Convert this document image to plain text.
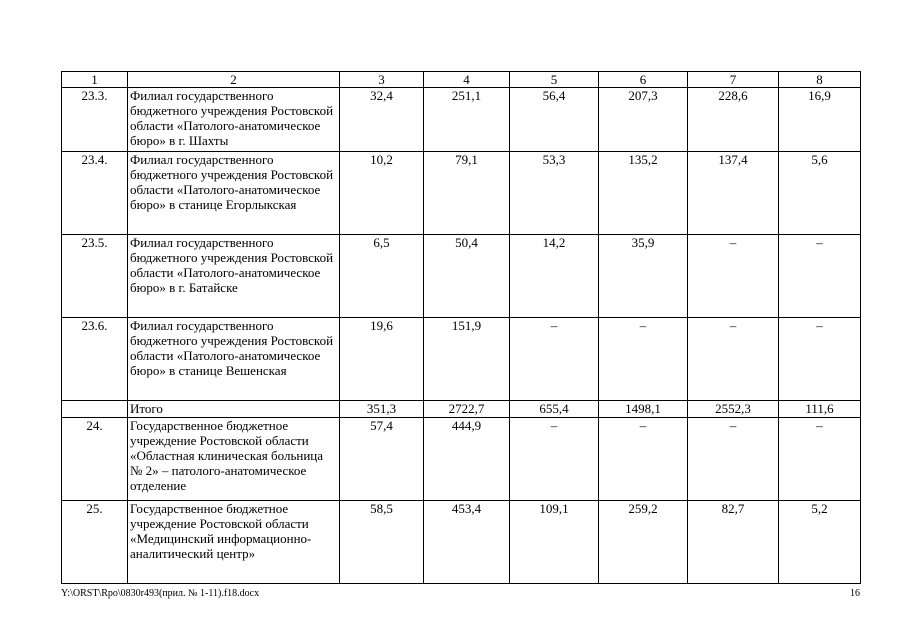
1	2	3	4	5	6	7	8
23.3.	Филиал государственного бюджетного учреждения Ростовской области «Патолого-анатомическое бюро» в г. Шахты	32,4	251,1	56,4	207,3	228,6	16,9
23.4.	Филиал государственного бюджетного учреждения Ростовской области «Патолого-анатомическое бюро» в станице Егорлыкская	10,2	79,1	53,3	135,2	137,4	5,6
23.5.	Филиал государственного бюджетного учреждения Ростовской области «Патолого-анатомическое бюро» в г. Батайске	6,5	50,4	14,2	35,9	–	–
23.6.	Филиал государственного бюджетного учреждения Ростовской области «Патолого-анатомическое бюро» в станице Вешенская	19,6	151,9	–	–	–	–
	Итого	351,3	2722,7	655,4	1498,1	2552,3	111,6
24.	Государственное бюджетное учреждение Ростовской области «Областная клиническая больница № 2» – патолого-анатомическое отделение	57,4	444,9	–	–	–	–
25.	Государственное бюджетное учреждение Ростовской области «Медицинский информационно-аналитический центр»	58,5	453,4	109,1	259,2	82,7	5,2
Y:\ORST\Rpo\0830r493(прил. № 1-11).f18.docx	16
